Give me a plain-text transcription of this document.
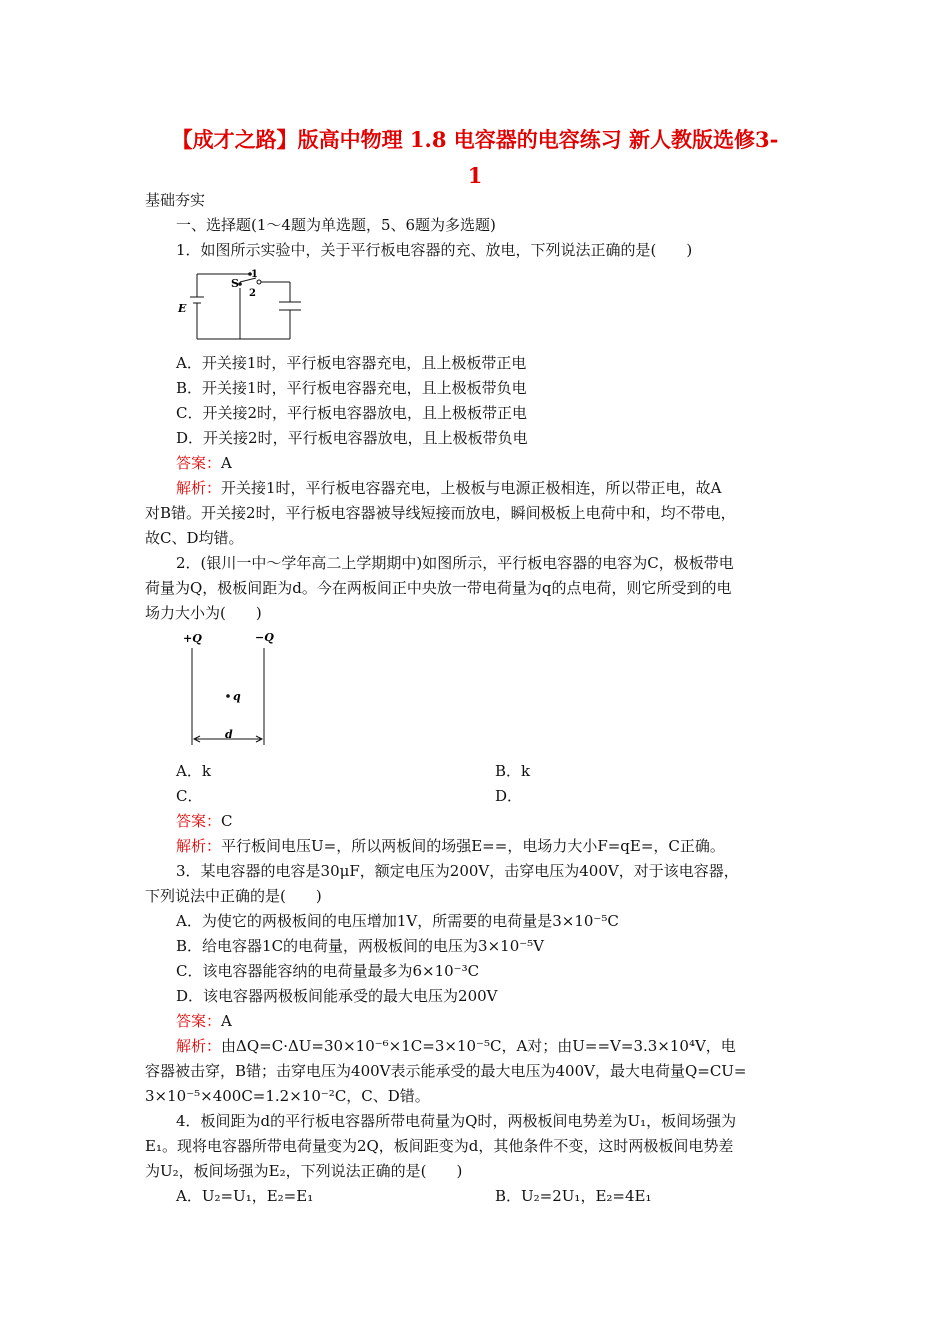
【成才之路】版高中物理 1.8 电容器的电容练习 新人教版选修3-
1
基础夯实
一、选择题(1～4题为单选题，5、6题为多选题)
1．如图所示实验中，关于平行板电容器的充、放电，下列说法正确的是(　　)
E
S
1
2
A．开关接1时，平行板电容器充电，且上极板带正电
B．开关接1时，平行板电容器充电，且上极板带负电
C．开关接2时，平行板电容器放电，且上极板带正电
D．开关接2时，平行板电容器放电，且上极板带负电
答案：A
解析：开关接1时，平行板电容器充电，上极板与电源正极相连，所以带正电，故A
对B错。开关接2时，平行板电容器被导线短接而放电，瞬间极板上电荷中和，均不带电，
故C、D均错。
2．(银川一中～学年高二上学期期中)如图所示，平行板电容器的电容为C，极板带电
荷量为Q，极板间距为d。今在两板间正中央放一带电荷量为q的点电荷，则它所受到的电
场力大小为(　　)
+Q	−Q
q
d
A．k	B．k
C．	D．
答案：C
解析：平行板间电压U=，所以两板间的场强E==，电场力大小F=qE=，C正确。
3．某电容器的电容是30μF，额定电压为200V，击穿电压为400V，对于该电容器，
下列说法中正确的是(　　)
A．为使它的两极板间的电压增加1V，所需要的电荷量是3×10⁻⁵C
B．给电容器1C的电荷量，两极板间的电压为3×10⁻⁵V
C．该电容器能容纳的电荷量最多为6×10⁻³C
D．该电容器两极板间能承受的最大电压为200V
答案：A
解析：由ΔQ=C·ΔU=30×10⁻⁶×1C=3×10⁻⁵C，A对；由U==V=3.3×10⁴V，电
容器被击穿，B错；击穿电压为400V表示能承受的最大电压为400V，最大电荷量Q=CU=
3×10⁻⁵×400C=1.2×10⁻²C，C、D错。
4．板间距为d的平行板电容器所带电荷量为Q时，两极板间电势差为U₁，板间场强为
E₁。现将电容器所带电荷量变为2Q，板间距变为d，其他条件不变，这时两极板间电势差
为U₂，板间场强为E₂，下列说法正确的是(　　)
A．U₂=U₁，E₂=E₁	B．U₂=2U₁，E₂=4E₁
